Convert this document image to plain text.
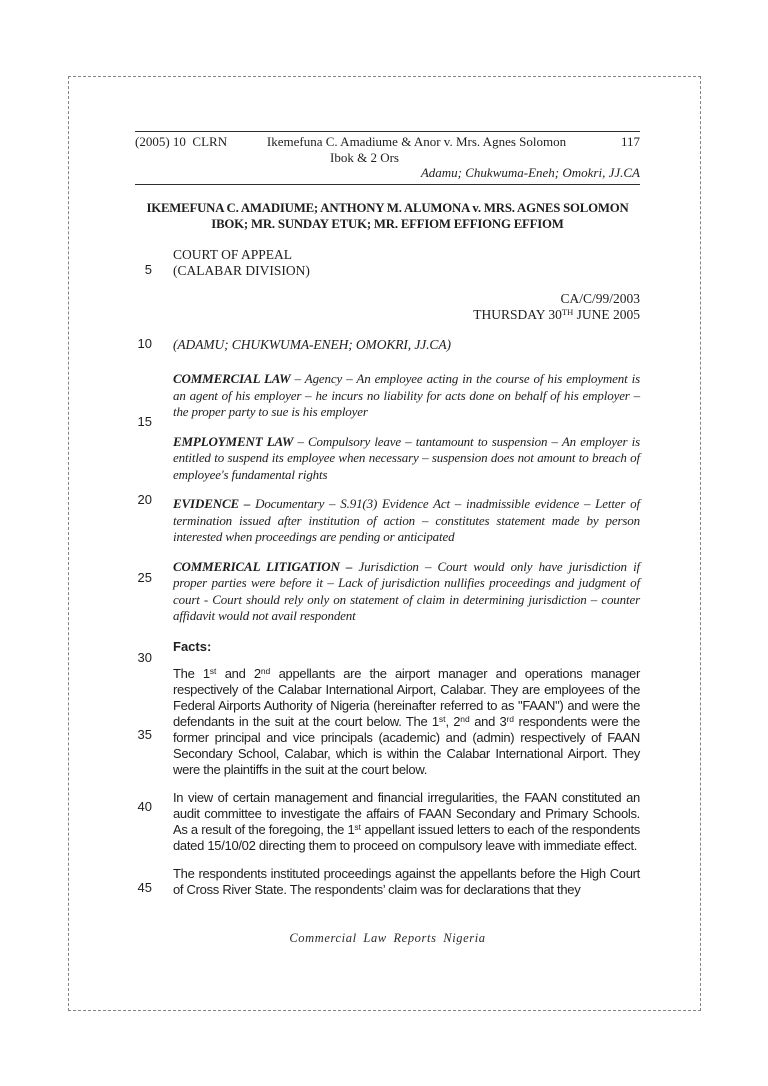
5
10
15
20
25
30
35
40
45
(2005) 10  CLRN	Ikemefuna C. Amadiume & Anor v. Mrs. Agnes Solomon	117
Ibok & 2 Ors
Adamu; Chukwuma-Eneh; Omokri, JJ.CA
IKEMEFUNA C. AMADIUME; ANTHONY M. ALUMONA v. MRS. AGNES SOLOMON IBOK; MR. SUNDAY ETUK; MR. EFFIOM EFFIONG EFFIOM
COURT OF APPEAL
(CALABAR DIVISION)
CA/C/99/2003
THURSDAY 30TH JUNE 2005
(ADAMU; CHUKWUMA-ENEH; OMOKRI, JJ.CA)

COMMERCIAL LAW – Agency – An employee acting in the course of his employment is an agent of his employer – he incurs no liability for acts done on behalf of his employer – the proper party to sue is his employer

EMPLOYMENT LAW – Compulsory leave – tantamount to suspension – An employer is entitled to suspend its employee when necessary – suspension does not amount to breach of employee's fundamental rights

EVIDENCE – Documentary – S.91(3) Evidence Act – inadmissible evidence – Letter of termination issued after institution of action – constitutes statement made by person interested when proceedings are pending or anticipated

COMMERICAL LITIGATION – Jurisdiction – Court would only have jurisdiction if proper parties were before it – Lack of jurisdiction nullifies proceedings and judgment of court - Court should rely only on statement of claim in determining jurisdiction – counter affidavit would not avail respondent

Facts:

The 1st and 2nd appellants are the airport manager and operations manager respectively of the Calabar International Airport, Calabar. They are employees of the Federal Airports Authority of Nigeria (hereinafter referred to as "FAAN") and were the defendants in the suit at the court below. The 1st, 2nd and 3rd respondents were the former principal and vice principals (academic) and (admin) respectively of FAAN Secondary School, Calabar, which is within the Calabar International Airport. They were the plaintiffs in the suit at the court below.

In view of certain management and financial irregularities, the FAAN constituted an audit committee to investigate the affairs of FAAN Secondary and Primary Schools. As a result of the foregoing, the 1st appellant issued letters to each of the respondents dated 15/10/02 directing them to proceed on compulsory leave with immediate effect.

The respondents instituted proceedings against the appellants before the High Court of Cross River State. The respondents’ claim was for declarations that they

Commercial Law Reports Nigeria
